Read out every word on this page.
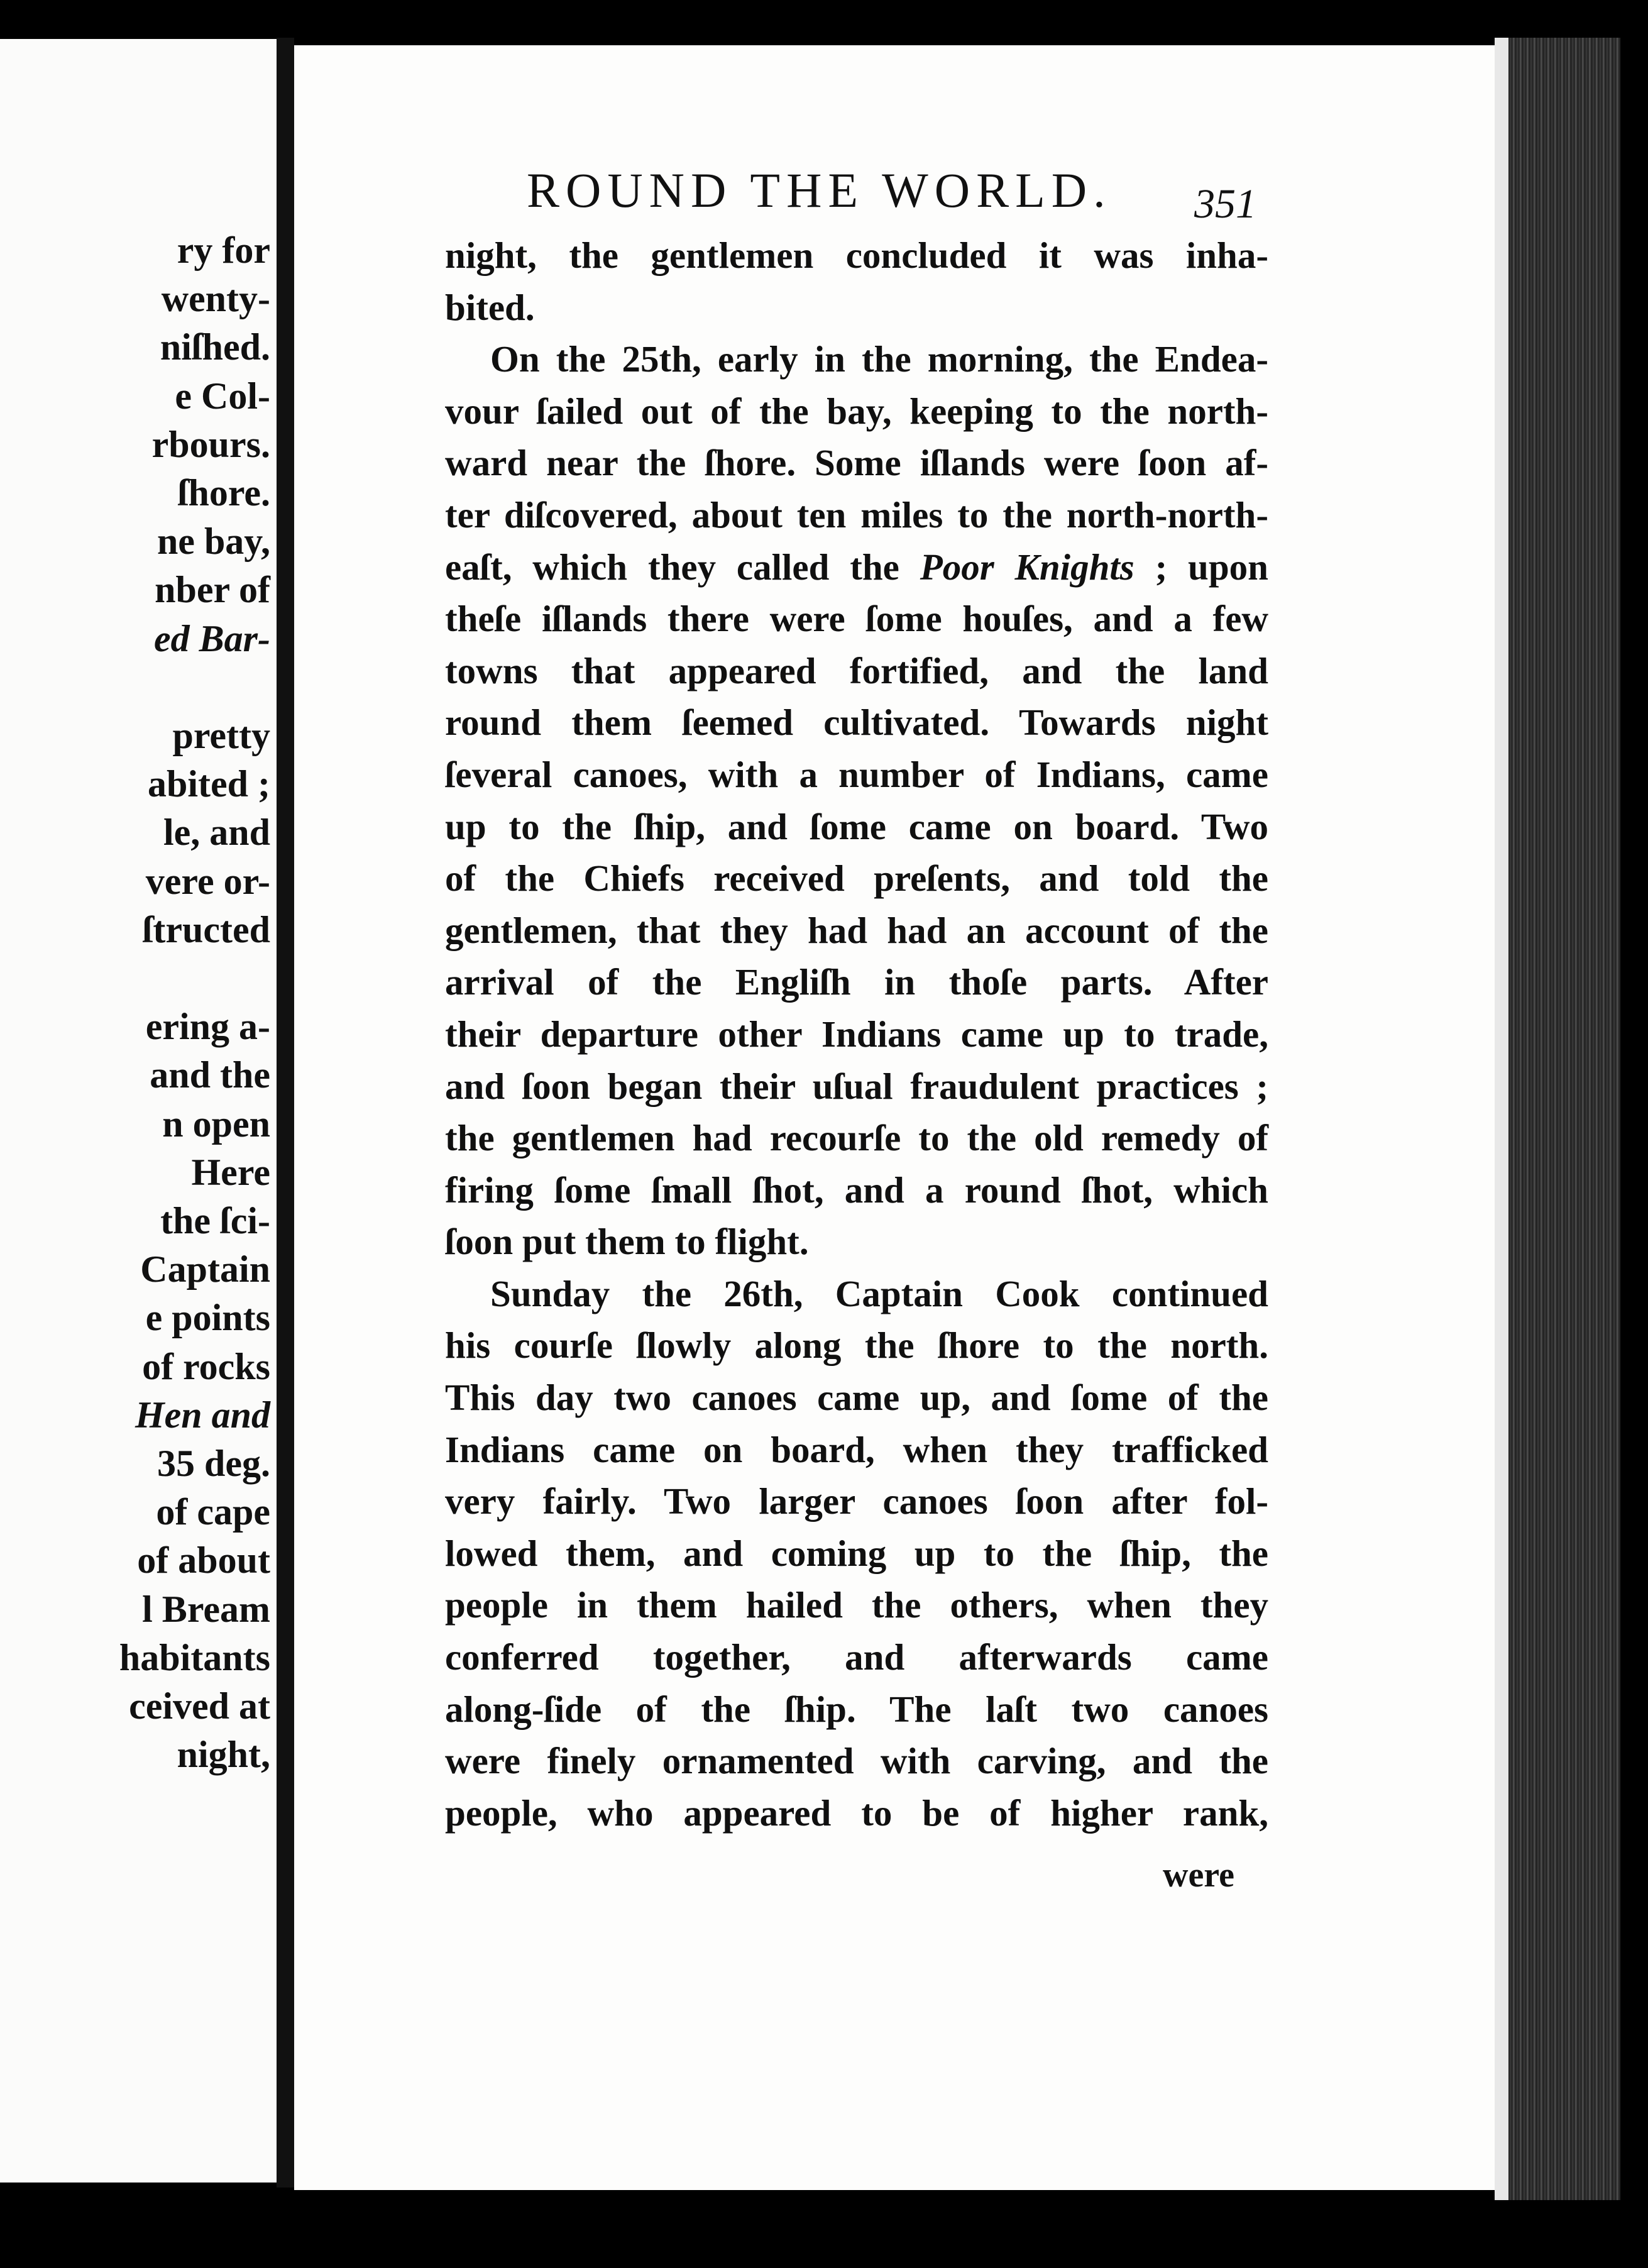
ry for
wenty-
niſhed.
e Col-
rbours.
ſhore.
ne bay,
nber of
ed Bar-
pretty
abited ;
le, and
vere or-
ſtructed
ering a-
and the
n open
Here
the ſci-
Captain
e points
of rocks
Hen and
35 deg.
of cape
of about
l Bream
habitants
ceived at
night,
ROUND THE WORLD.	351
night, the gentlemen concluded it was inha-
bited.
On the 25th, early in the morning, the Endea-
vour ſailed out of the bay, keeping to the north-
ward near the ſhore. Some iſlands were ſoon af-
ter diſcovered, about ten miles to the north-north-
eaſt, which they called the Poor Knights ; upon
theſe iſlands there were ſome houſes, and a few
towns that appeared fortified, and the land
round them ſeemed cultivated. Towards night
ſeveral canoes, with a number of Indians, came
up to the ſhip, and ſome came on board. Two
of the Chiefs received preſents, and told the
gentlemen, that they had had an account of the
arrival of the Engliſh in thoſe parts. After
their departure other Indians came up to trade,
and ſoon began their uſual fraudulent practices ;
the gentlemen had recourſe to the old remedy of
firing ſome ſmall ſhot, and a round ſhot, which
ſoon put them to flight.
Sunday the 26th, Captain Cook continued
his courſe ſlowly along the ſhore to the north.
This day two canoes came up, and ſome of the
Indians came on board, when they trafficked
very fairly. Two larger canoes ſoon after fol-
lowed them, and coming up to the ſhip, the
people in them hailed the others, when they
conferred together, and afterwards came
along-ſide of the ſhip. The laſt two canoes
were finely ornamented with carving, and the
people, who appeared to be of higher rank,
were
